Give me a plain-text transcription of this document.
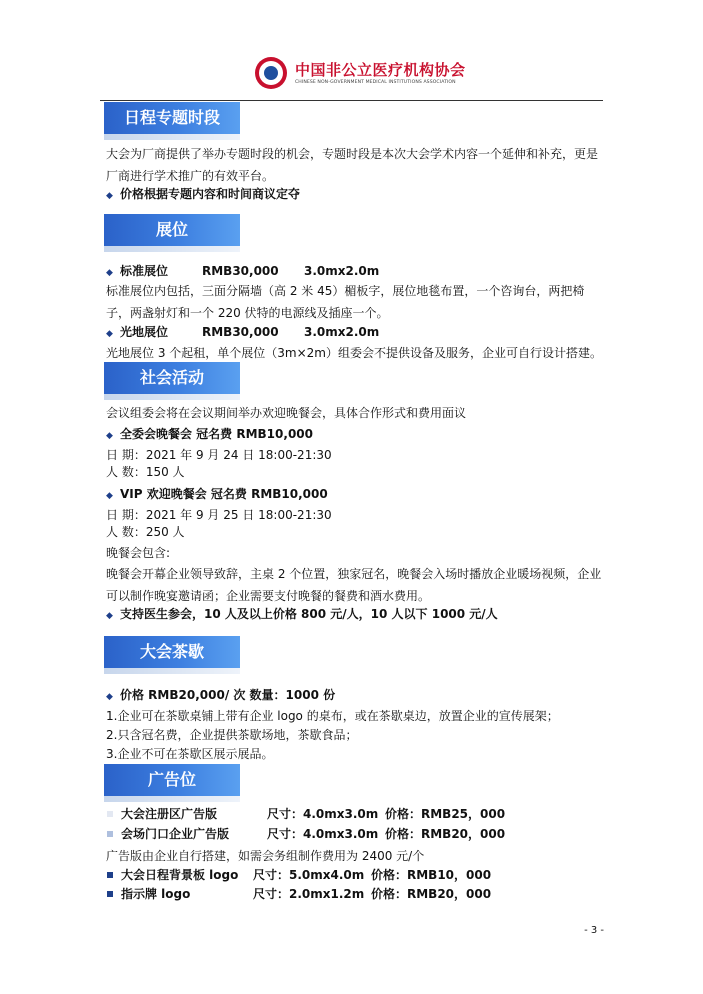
中国非公立医疗机构协会
CHINESE NON-GOVERNMENT MEDICAL INSTITUTIONS ASSOCIATION
日程专题时段
大会为厂商提供了举办专题时段的机会，专题时段是本次大会学术内容一个延伸和补充，更是厂商进行学术推广的有效平台。
◆ 价格根据专题内容和时间商议定夺
展位
◆ 标准展位	RMB30,000 3.0mx2.0m
标准展位内包括，三面分隔墙（高 2 米 45）楣板字，展位地毯布置，一个咨询台，两把椅子，两盏射灯和一个 220 伏特的电源线及插座一个。
◆ 光地展位	RMB30,000 3.0mx2.0m
光地展位 3 个起租，单个展位（3m×2m）组委会不提供设备及服务，企业可自行设计搭建。
社会活动
会议组委会将在会议期间举办欢迎晚餐会，具体合作形式和费用面议
◆ 全委会晚餐会 冠名费 RMB10,000
日 期：2021 年 9 月 24 日 18:00-21:30
人 数：150 人
◆ VIP 欢迎晚餐会 冠名费 RMB10,000
日 期：2021 年 9 月 25 日 18:00-21:30
人 数：250 人
晚餐会包含:
晚餐会开幕企业领导致辞，主桌 2 个位置，独家冠名，晚餐会入场时播放企业暖场视频，企业可以制作晚宴邀请函；企业需要支付晚餐的餐费和酒水费用。
◆ 支持医生参会，10 人及以上价格 800 元/人，10 人以下 1000 元/人
大会茶歇
◆ 价格 RMB20,000/ 次 数量：1000 份
1.企业可在茶歇桌铺上带有企业 logo 的桌布，或在茶歇桌边，放置企业的宣传展架；
2.只含冠名费，企业提供茶歇场地，茶歇食品；
3.企业不可在茶歇区展示展品。
广告位
大会注册区广告版	尺寸：4.0mx3.0m 价格：RMB25，000
会场门口企业广告版	尺寸：4.0mx3.0m 价格：RMB20，000
广告版由企业自行搭建，如需会务组制作费用为 2400 元/个
大会日程背景板 logo 尺寸：5.0mx4.0m 价格：RMB10，000
指示牌 logo	尺寸：2.0mx1.2m 价格：RMB20，000
- 3 -
